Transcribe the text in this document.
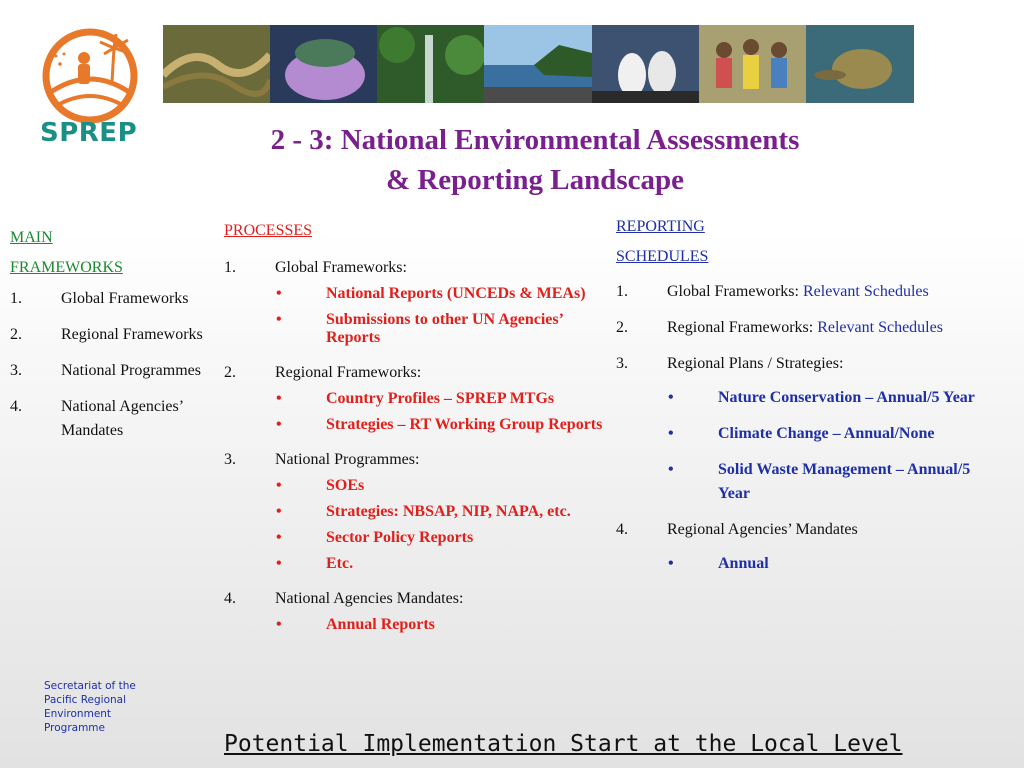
SPREP	2 - 3: National Environmental Assessments
& Reporting Landscape
MAIN
FRAMEWORKS
1.	Global Frameworks
2.	Regional Frameworks
3.	National Programmes
4.	National Agencies’ Mandates
PROCESSES
1.	Global Frameworks:
•	National Reports (UNCEDs & MEAs)
•	Submissions to other UN Agencies’ Reports
2.	Regional Frameworks:
•	Country Profiles – SPREP MTGs
•	Strategies – RT Working Group Reports
3.	National Programmes:
•	SOEs
•	Strategies: NBSAP, NIP, NAPA, etc.
•	Sector Policy Reports
•	Etc.
4.	National Agencies Mandates:
•	Annual Reports
REPORTING
SCHEDULES
1.	Global Frameworks: Relevant Schedules
2.	Regional Frameworks: Relevant Schedules
3.	Regional Plans / Strategies:
•	Nature Conservation – Annual/5 Year
•	Climate Change – Annual/None
•	Solid Waste Management – Annual/5 Year
4.	Regional Agencies’ Mandates
•	Annual
Secretariat of the
Pacific Regional
Environment
Programme
Potential Implementation Start at the Local Level
